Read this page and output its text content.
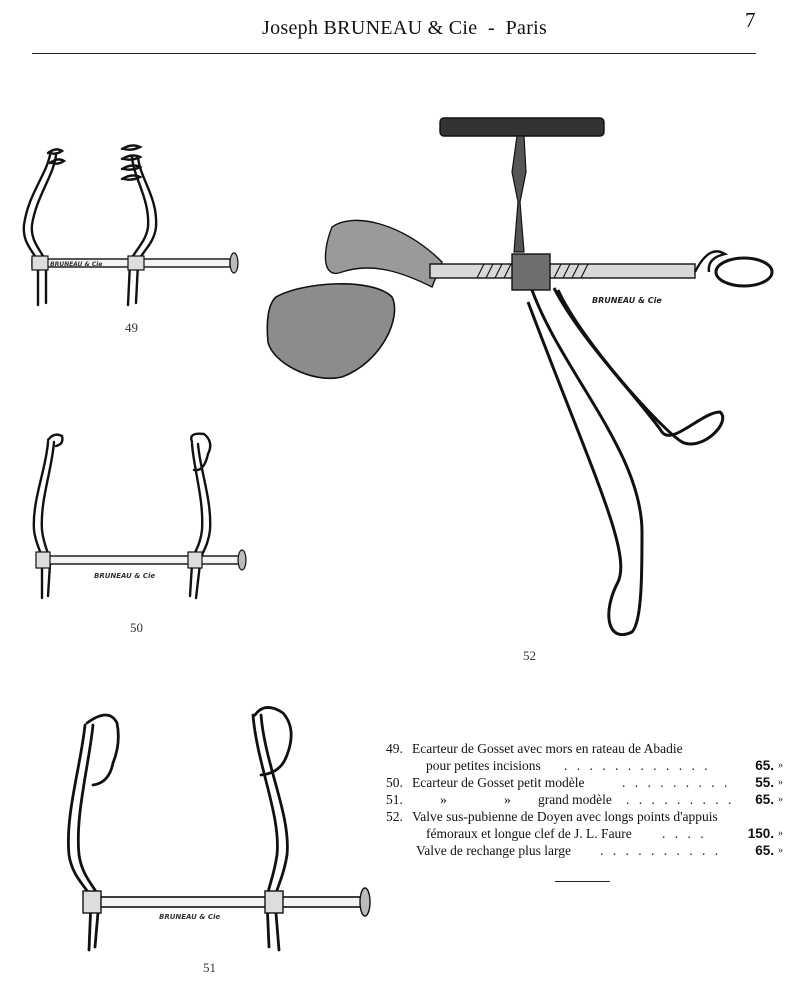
Joseph BRUNEAU & Cie  -  Paris	7
BRUNEAU & Cie
49
BRUNEAU & Cie
50
BRUNEAU & Cie
51
BRUNEAU & Cie
52
49. Ecarteur de Gosset avec mors en rateau de Abadie
pour petites incisions . . . . . . . . . . . .	65. »
50. Ecarteur de Gosset petit modèle	. . . . . . . . .	55. »
51.	»	» grand modèle . . . . . . . . .	65. »
52. Valve sus-pubienne de Doyen avec longs points d'appuis
fémoraux et longue clef de J. L. Faure . . . .	150. »
Valve de rechange plus large . . . . . . . . . .	65. »
